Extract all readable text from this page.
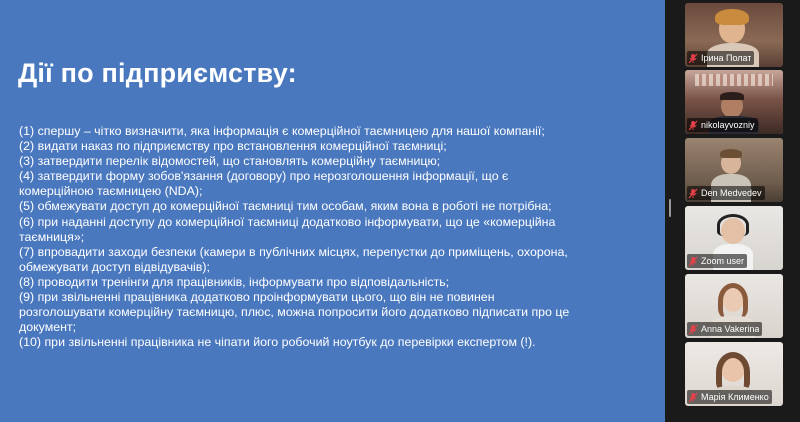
Дії по підприємству:
(1) спершу – чітко визначити, яка інформація є комерційної таємницею для нашої компанії;
(2) видати наказ по підприємству про встановлення комерційної таємниці;
(3) затвердити перелік відомостей, що становлять комерційну таємницю;
(4) затвердити форму зобов'язання (договору) про нерозголошення інформації, що є
комерційною таємницею (NDA);
(5) обмежувати доступ до комерційної таємниці тим особам, яким вона в роботі не потрібна;
(6) при наданні доступу до комерційної таємниці додатково інформувати, що це «комерційна
таємниця»;
(7) впровадити заходи безпеки (камери в публічних місцях, перепустки до приміщень, охорона,
обмежувати доступ відвідувачів);
(8) проводити тренінги для працівників, інформувати про відповідальність;
(9) при звільненні працівника додатково проінформувати цього, що він не повинен
розголошувати комерційну таємницю, плюс, можна попросити його додатково підписати про це
документ;
(10) при звільненні працівника не чіпати його робочий ноутбук до перевірки експертом (!).
Ірина Полат
nikolayvozniy
Den Medvedev
Zoom user
Anna Vakerina
Марія Клименко
